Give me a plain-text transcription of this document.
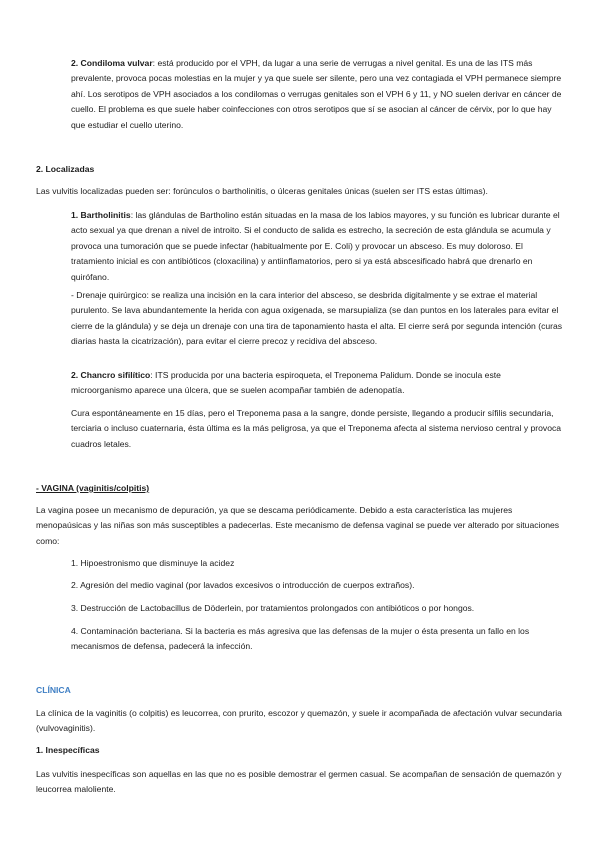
2. Condiloma vulvar: está producido por el VPH, da lugar a una serie de verrugas a nivel genital. Es una de las ITS más prevalente, provoca pocas molestias en la mujer y ya que suele ser silente, pero una vez contagiada el VPH permanece siempre ahí. Los serotipos de VPH asociados a los condilomas o verrugas genitales son el VPH 6 y 11, y NO suelen derivar en cáncer de cuello. El problema es que suele haber coinfecciones con otros serotipos que sí se asocian al cáncer de cérvix, por lo que hay que estudiar el cuello uterino.

2. Localizadas

Las vulvitis localizadas pueden ser: forúnculos o bartholinitis, o úlceras genitales únicas (suelen ser ITS estas últimas).

1. Bartholinitis: las glándulas de Bartholino están situadas en la masa de los labios mayores, y su función es lubricar durante el acto sexual ya que drenan a nivel de introito. Si el conducto de salida es estrecho, la secreción de esta glándula se acumula y provoca una tumoración que se puede infectar (habitualmente por E. Coli) y provocar un absceso. Es muy doloroso. El tratamiento inicial es con antibióticos (cloxacilina) y antiinflamatorios, pero si ya está abscesificado habrá que drenarlo en quirófano.

- Drenaje quirúrgico: se realiza una incisión en la cara interior del absceso, se desbrida digitalmente y se extrae el material purulento. Se lava abundantemente la herida con agua oxigenada, se marsupializa (se dan puntos en los laterales para evitar el cierre de la glándula) y se deja un drenaje con una tira de taponamiento hasta el alta. El cierre será por segunda intención (curas diarias hasta la cicatrización), para evitar el cierre precoz y recidiva del absceso.

2. Chancro sifilítico: ITS producida por una bacteria espiroqueta, el Treponema Palidum. Donde se inocula este microorganismo aparece una úlcera, que se suelen acompañar también de adenopatía.

Cura espontáneamente en 15 días, pero el Treponema pasa a la sangre, donde persiste, llegando a producir sífilis secundaria, terciaria o incluso cuaternaria, ésta última es la más peligrosa, ya que el Treponema afecta al sistema nervioso central y provoca cuadros letales.

- VAGINA (vaginitis/colpitis)

La vagina posee un mecanismo de depuración, ya que se descama periódicamente. Debido a esta característica las mujeres menopaúsicas y las niñas son más susceptibles a padecerlas. Este mecanismo de defensa vaginal se puede ver alterado por situaciones como:

1. Hipoestronismo que disminuye la acidez

2. Agresión del medio vaginal (por lavados excesivos o introducción de cuerpos extraños).

3. Destrucción de Lactobacillus de Döderlein, por tratamientos prolongados con antibióticos o por hongos.

4. Contaminación bacteriana. Si la bacteria es más agresiva que las defensas de la mujer o ésta presenta un fallo en los mecanismos de defensa, padecerá la infección.

CLÍNICA

La clínica de la vaginitis (o colpitis) es leucorrea, con prurito, escozor y quemazón, y suele ir acompañada de afectación vulvar secundaria (vulvovaginitis).

1. Inespecíficas

Las vulvitis inespecíficas son aquellas en las que no es posible demostrar el germen casual. Se acompañan de sensación de quemazón y leucorrea maloliente.
